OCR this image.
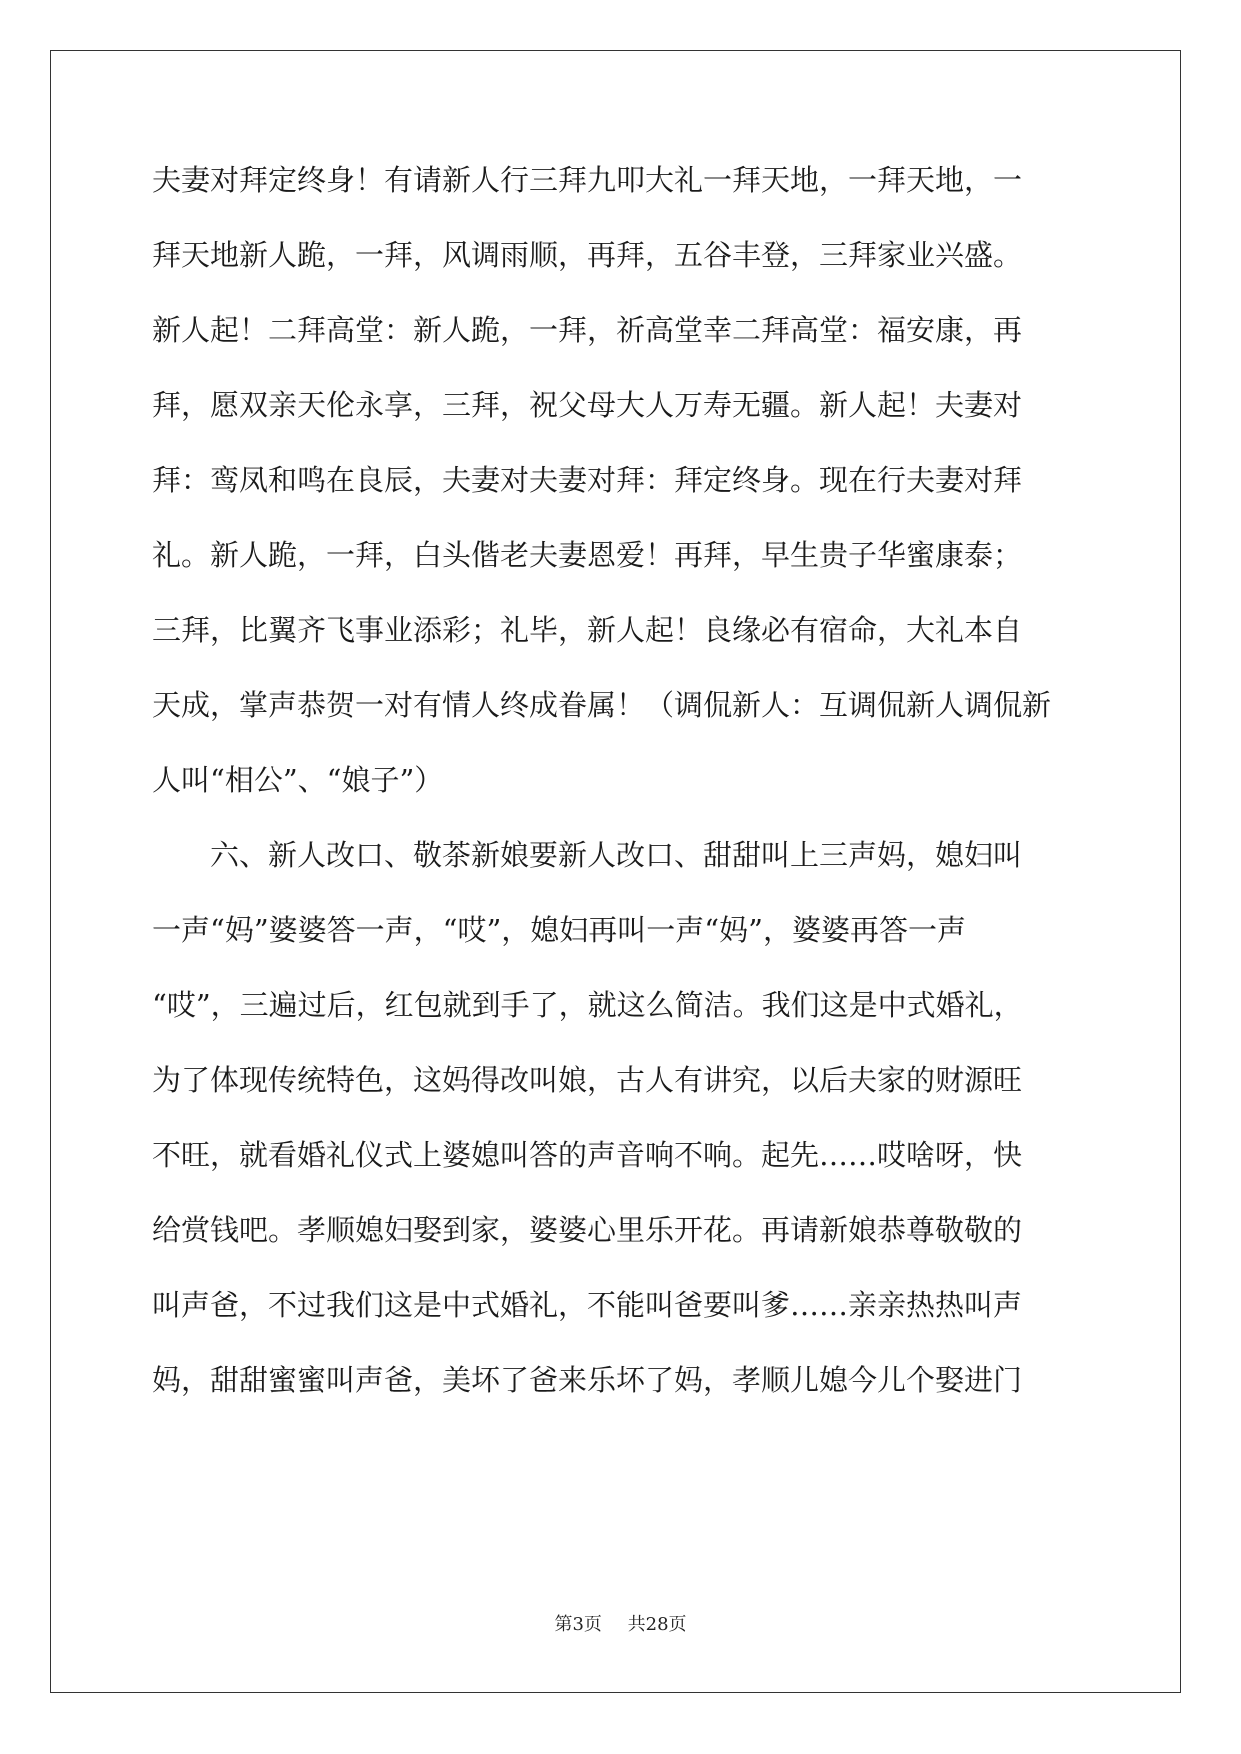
夫妻对拜定终身！有请新人行三拜九叩大礼一拜天地，一拜天地，一
拜天地新人跪，一拜，风调雨顺，再拜，五谷丰登，三拜家业兴盛。
新人起！二拜高堂：新人跪，一拜，祈高堂幸二拜高堂：福安康，再
拜，愿双亲天伦永享，三拜，祝父母大人万寿无疆。新人起！夫妻对
拜：鸾凤和鸣在良辰，夫妻对夫妻对拜：拜定终身。现在行夫妻对拜
礼。新人跪，一拜，白头偕老夫妻恩爱！再拜，早生贵子华蜜康泰；
三拜，比翼齐飞事业添彩；礼毕，新人起！良缘必有宿命，大礼本自
天成，掌声恭贺一对有情人终成眷属！（调侃新人：互调侃新人调侃新
人叫“相公”、“娘子”）
六、新人改口、敬茶新娘要新人改口、甜甜叫上三声妈，媳妇叫
一声“妈”婆婆答一声，“哎”，媳妇再叫一声“妈”，婆婆再答一声
“哎”，三遍过后，红包就到手了，就这么简洁。我们这是中式婚礼，
为了体现传统特色，这妈得改叫娘，古人有讲究，以后夫家的财源旺
不旺，就看婚礼仪式上婆媳叫答的声音响不响。起先……哎啥呀，快
给赏钱吧。孝顺媳妇娶到家，婆婆心里乐开花。再请新娘恭尊敬敬的
叫声爸，不过我们这是中式婚礼，不能叫爸要叫爹……亲亲热热叫声
妈，甜甜蜜蜜叫声爸，美坏了爸来乐坏了妈，孝顺儿媳今儿个娶进门
第3页 共28页
